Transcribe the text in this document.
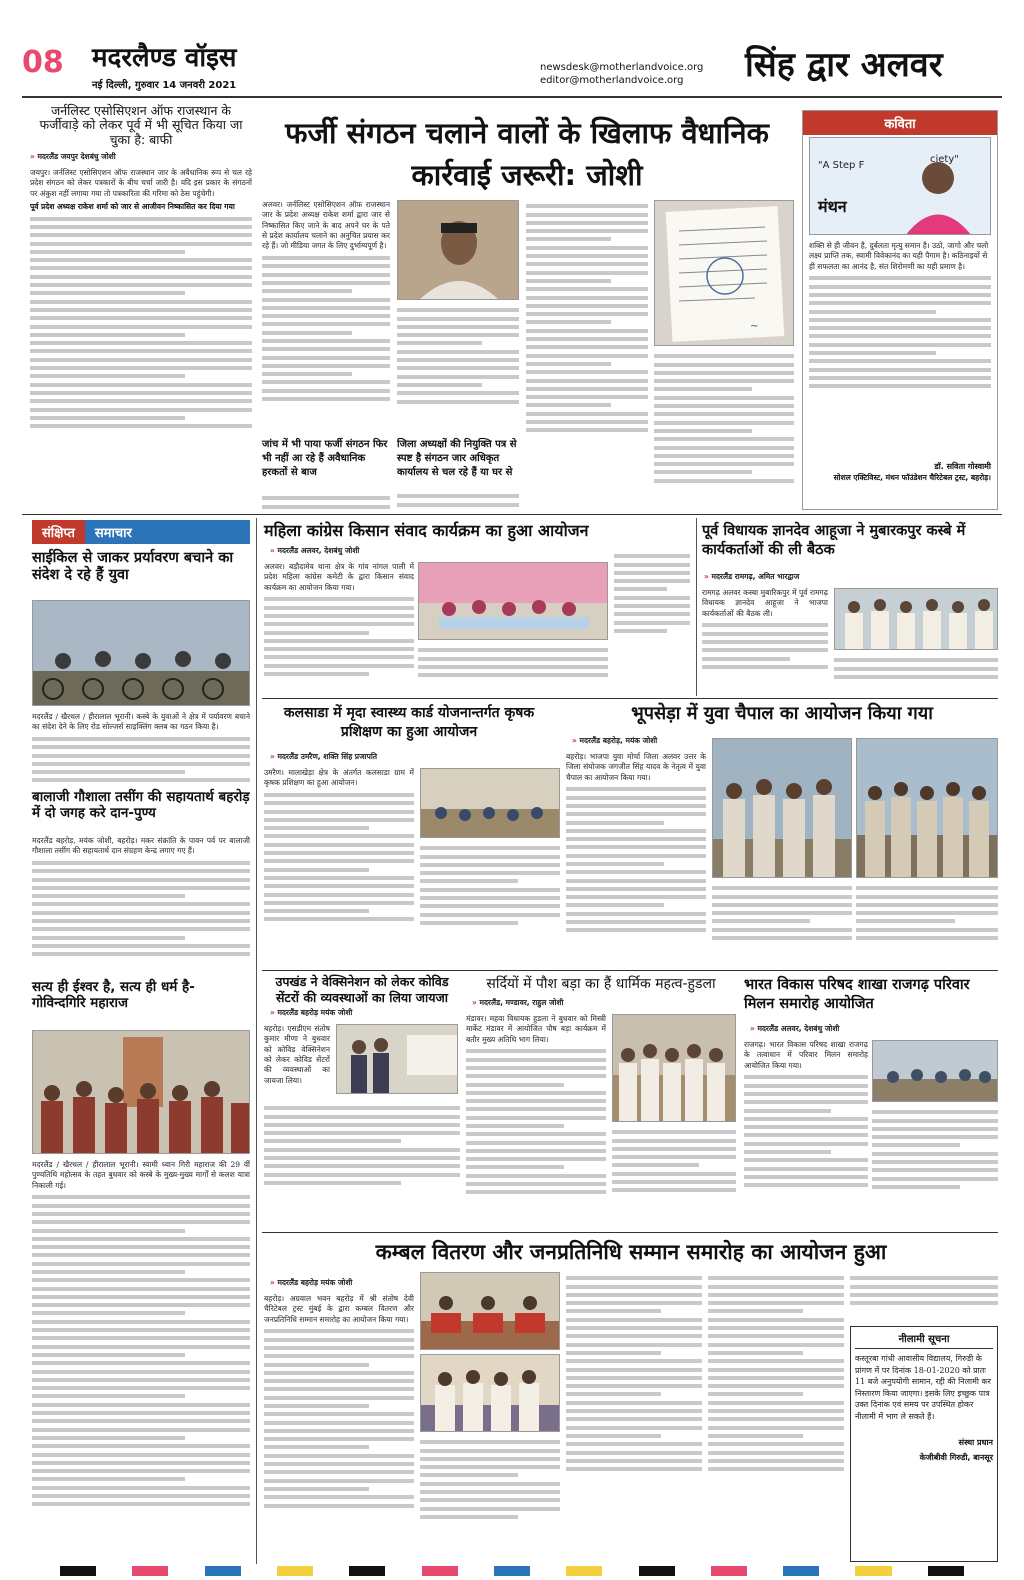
08 मदरलैण्ड वॉइस
नई दिल्ली, गुरुवार 14 जनवरी 2021
newsdesk@motherlandvoice.org
editor@motherlandvoice.org सिंह द्वार अलवर
जर्नलिस्ट एसोसिएशन ऑफ राजस्थान के फर्जीवाड़े को लेकर पूर्व में भी सूचित किया जा चुका है: बाफी
» मदरलैंड जयपुर देशबंधु जोशी
जयपुर। जर्नलिस्ट एसोसिएशन ऑफ राजस्थान जार के अवैधानिक रूप से चल रहे प्रदेश संगठन को लेकर पत्रकारों के बीच चर्चा जारी है। यदि इस प्रकार के संगठनों पर अंकुश नहीं लगाया गया तो पत्रकारिता की गरिमा को ठेस पहुंचेगी।
पूर्व प्रदेश अध्यक्ष राकेश शर्मा को जार से आजीवन निष्कासित कर दिया गया
फर्जी संगठन चलाने वालों के खिलाफ वैधानिक कार्रवाई जरूरी: जोशी
अलवर। जर्नलिस्ट एसोसिएशन ऑफ राजस्थान जार के प्रदेश अध्यक्ष राकेश शर्मा द्वारा जार से निष्कासित किए जाने के बाद अपने घर के पते से प्रदेश कार्यालय चलाने का अनुचित प्रयास कर रहे हैं। जो मीडिया जगत के लिए दुर्भाग्यपूर्ण है।
जांच में भी पाया फर्जी संगठन फिर भी नहीं आ रहे हैं अवैधानिक हरकतों से बाज
जिला अध्यक्षों की नियुक्ति पत्र से स्पष्ट है संगठन जार अधिकृत कार्यालय से चल रहे हैं या घर से
~
कविता
"A Step F
ciety"
मंथन
शक्ति से ही जीवन है, दुर्बलता मृत्यु समान है। उठो, जागो और चलो लक्ष्य प्राप्ति तक, स्वामी विवेकानंद का यही पैगाम है। कठिनाइयों से ही सफलता का आनंद है, संत शिरोमणी का यही प्रमाण है।
डॉ. सविता गोस्वामी
सोशल एक्टिविस्ट, मंथन फॉउंडेशन चैरिटेबल ट्रस्ट, बहरोड़।
संक्षिप्त	समाचार
साईकिल से जाकर प्रर्यावरण बचाने का संदेश दे रहे हैं युवा
मदरलैंड / खैरथल / हीरालाल भूरानी। कस्बे के युवाओं ने क्षेत्र में पर्यावरण बचाने का संदेश देने के लिए रोड सोल्जर्स साइक्लिंग क्लब का गठन किया है।
बालाजी गौशाला तसींग की सहायतार्थ बहरोड़ में दो जगह करे दान-पुण्य
मदरलैंड बहरोड़, मयंक जोशी, बहरोड़। मकर संक्रांति के पावन पर्व पर बालाजी गौशाला तसींग की सहायतार्थ दान संग्रहण केन्द्र लगाए गए हैं।
सत्य ही ईश्वर है, सत्य ही धर्म है- गोविन्दगिरि महाराज
मदरलैंड / खैरथल / हीरालाल भूरानी। स्वामी ध्यान गिरी महाराज की 29 वीं पुण्यतिथि महोत्सव के तहत बुधवार को कस्बे के मुख्य-मुख्य मार्गों से कलश यात्रा निकाली गई।
महिला कांग्रेस किसान संवाद कार्यक्रम का हुआ आयोजन
» मदरलैंड अलवर, देशबंधु जोशी
अलवर। बड़ौदामेव थाना क्षेत्र के गांव नांगल पाली में प्रदेश महिला कांग्रेस कमेटी के द्वारा किसान संवाद कार्यक्रम का आयोजन किया गया।
पूर्व विधायक ज्ञानदेव आहूजा ने मुबारकपुर कस्बे में कार्यकर्ताओं की ली बैठक
» मदरलैंड रामगढ़, अमित भारद्वाज
रामगढ़ अलवर कस्बा मुबारिकपुर में पूर्व रामगढ़ विधायक ज्ञानदेव आहूजा ने भाजपा कार्यकर्ताओं की बैठक ली।
कलसाडा में मृदा स्वास्थ्य कार्ड योजनान्तर्गत कृषक प्रशिक्षण का हुआ आयोजन
» मदरलैंड उमरैण, शक्ति सिंह प्रजापति
उमरैण। मालाखेड़ा क्षेत्र के अंतर्गत कलसाडा ग्राम में कृषक प्रशिक्षण का हुआ आयोजन।
भूपसेड़ा में युवा चैपाल का आयोजन किया गया
» मदरलैंड बहरोड़, मयंक जोशी
बहरोड़। भाजपा युवा मोर्चा जिला अलवर उत्तर के जिला संयोजक जगजीत सिंह यादव के नेतृत्व में युवा चैपाल का आयोजन किया गया।
उपखंड ने वेक्सिनेशन को लेकर कोविड सेंटरों की व्यवस्थाओं का लिया जायजा
» मदरलैंड बहरोड़ मयंक जोशी
बहरोड़। एसडीएम संतोष कुमार मीणा ने बुधवार को कोविड वेक्सिनेशन को लेकर कोविड सेंटरों की व्यवस्थाओं का जायजा लिया।
सर्दियों में पौश बड़ा का हैं धार्मिक महत्व-हुडला
» मदरलैंड, मण्डावर, राहुल जोशी
मंडावर। महवा विधायक हुडला ने बुधवार को मिस्त्री मार्केट मंडावर में आयोजित पौष बड़ा कार्यक्रम में बतौर मुख्य अतिथि भाग लिया।
भारत विकास परिषद शाखा राजगढ़ परिवार मिलन समारोह आयोजित
» मदरलैंड अलवर, देशबंधु जोशी
राजगढ़। भारत विकास परिषद शाखा राजगढ़ के तत्वाधान में परिवार मिलन समारोह आयोजित किया गया।
कम्बल वितरण और जनप्रतिनिधि सम्मान समारोह का आयोजन हुआ
» मदरलैंड बहरोड़ मयंक जोशी
बहरोड़। अग्रवाल भवन बहरोड़ में श्री संतोष देवी चैरिटेबल ट्रस्ट मुंबई के द्वारा कम्बल वितरण और जनप्रतिनिधि सम्मान समारोह का आयोजन किया गया।
नीलामी सूचना
कस्तूरबा गांधी आवासीय विद्यालय, गिरुडी के प्रांगण में पर दिनांक 18-01-2020 को प्रातः 11 बजे अनुपयोगी सामान, रद्दी की निलामी कर निस्तारण किया जाएगा। इसके लिए इच्छुक पात्र उक्त दिनांक एवं समय पर उपस्थित होकर नीलामी में भाग ले सकते हैं।
संस्था प्रधान
केजीबीवी गिरुडी, बानसूर
